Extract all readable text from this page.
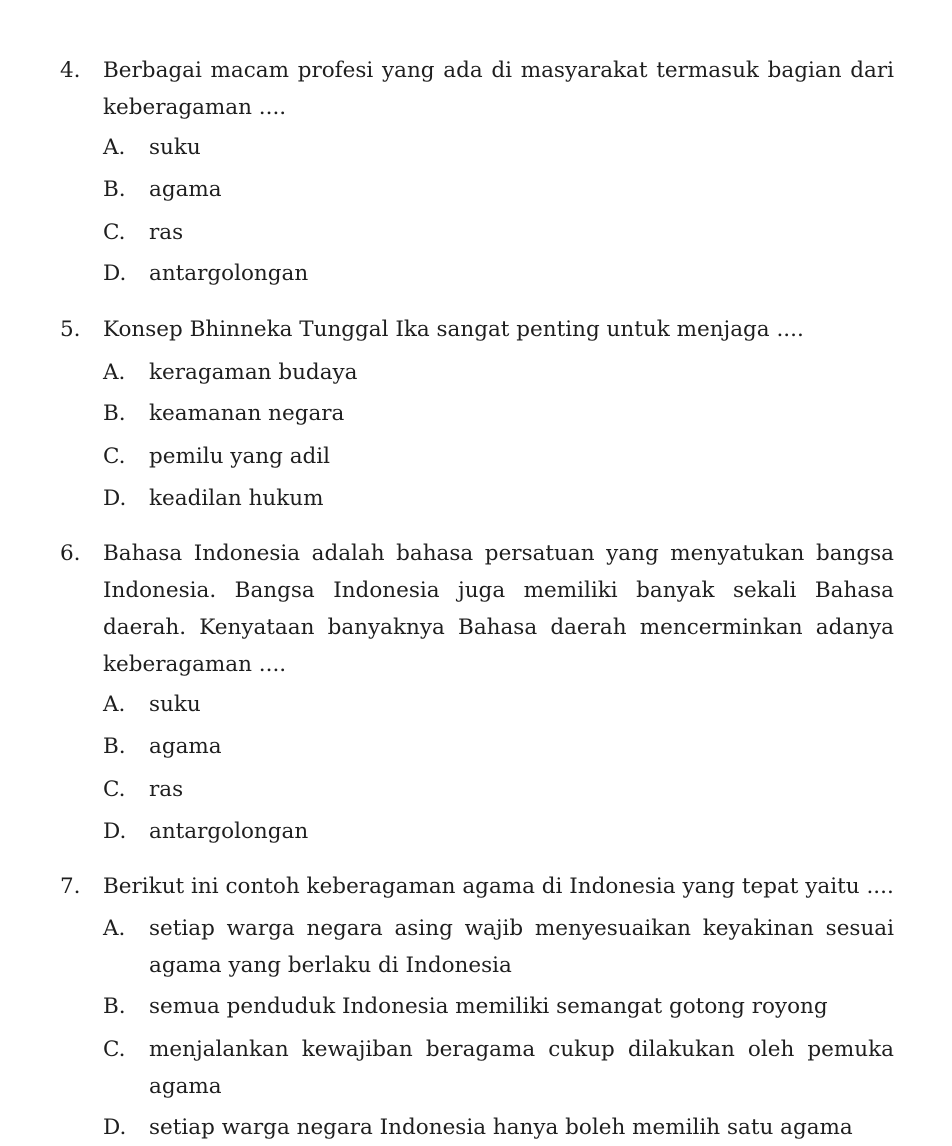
4.	Berbagai macam profesi yang ada di masyarakat termasuk bagian dari
keberagaman ....
A.	suku
B.	agama
C.	ras
D.	antargolongan
5.	Konsep Bhinneka Tunggal Ika sangat penting untuk menjaga ....
A.	keragaman budaya
B.	keamanan negara
C.	pemilu yang adil
D.	keadilan hukum
6.	Bahasa Indonesia adalah bahasa persatuan yang menyatukan bangsa
Indonesia. Bangsa Indonesia juga memiliki banyak sekali Bahasa
daerah. Kenyataan banyaknya Bahasa daerah mencerminkan adanya
keberagaman ....
A.	suku
B.	agama
C.	ras
D.	antargolongan
7.	Berikut ini contoh keberagaman agama di Indonesia yang tepat yaitu ....
A.	setiap warga negara asing wajib menyesuaikan keyakinan sesuai
agama yang berlaku di Indonesia
B.	semua penduduk Indonesia memiliki semangat gotong royong
C.	menjalankan kewajiban beragama cukup dilakukan oleh pemuka
agama
D.	setiap warga negara Indonesia hanya boleh memilih satu agama
